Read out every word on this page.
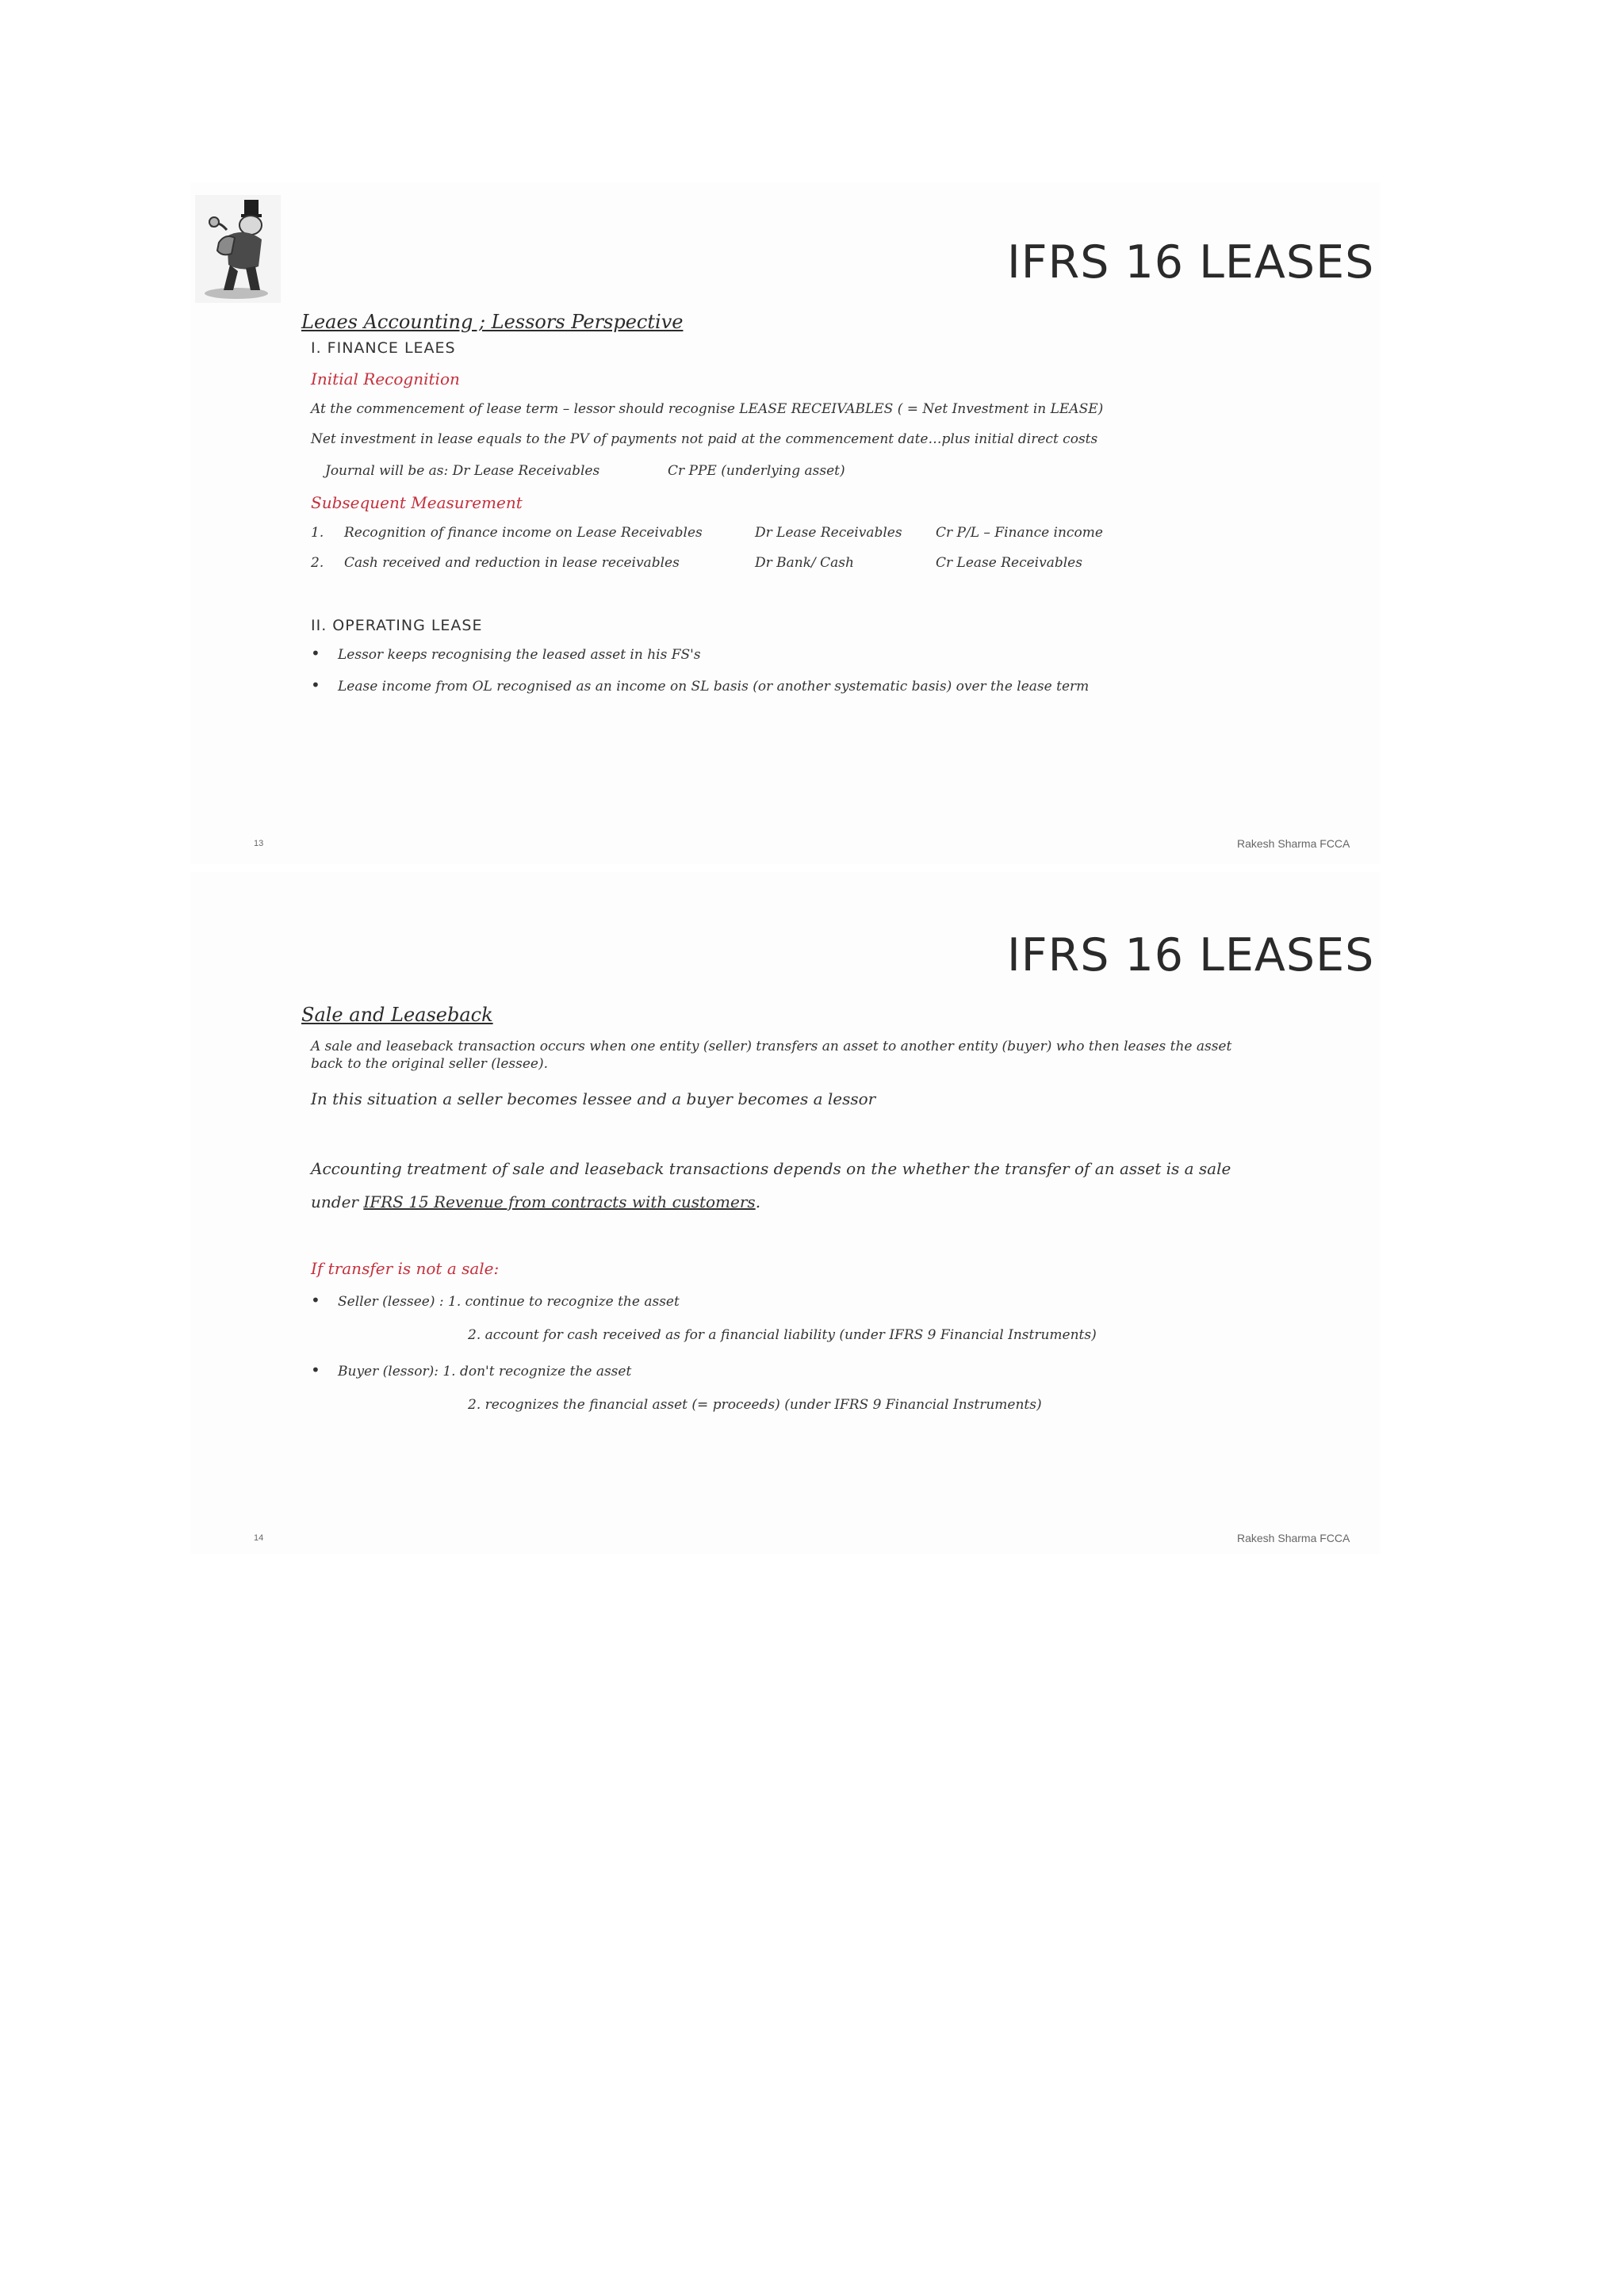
IFRS 16 LEASES
Leaes Accounting ; Lessors Perspective
I. FINANCE LEAES
Initial Recognition
At the commencement of lease term – lessor should recognise LEASE RECEIVABLES ( = Net Investment in LEASE)
Net investment in lease equals to the PV of payments not paid at the commencement date…plus initial direct costs
Journal will be as: Dr Lease Receivables	Cr PPE (underlying asset)
Subsequent Measurement
1. Recognition of finance income on Lease Receivables	Dr Lease Receivables Cr P/L – Finance income
2. Cash received and reduction in lease receivables	Dr Bank/ Cash	Cr Lease Receivables
II. OPERATING LEASE
• Lessor keeps recognising the leased asset in his FS's
• Lease income from OL recognised as an income on SL basis (or another systematic basis) over the lease term
13	Rakesh Sharma FCCA
IFRS 16 LEASES
Sale and Leaseback
A sale and leaseback transaction occurs when one entity (seller) transfers an asset to another entity (buyer) who then leases the asset
back to the original seller (lessee).
In this situation a seller becomes lessee and a buyer becomes a lessor
Accounting treatment of sale and leaseback transactions depends on the whether the transfer of an asset is a sale
under IFRS 15 Revenue from contracts with customers.
If transfer is not a sale:
• Seller (lessee) : 1. continue to recognize the asset
2. account for cash received as for a financial liability (under IFRS 9 Financial Instruments)
• Buyer (lessor): 1. don't recognize the asset
2. recognizes the financial asset (= proceeds) (under IFRS 9 Financial Instruments)
14	Rakesh Sharma FCCA
